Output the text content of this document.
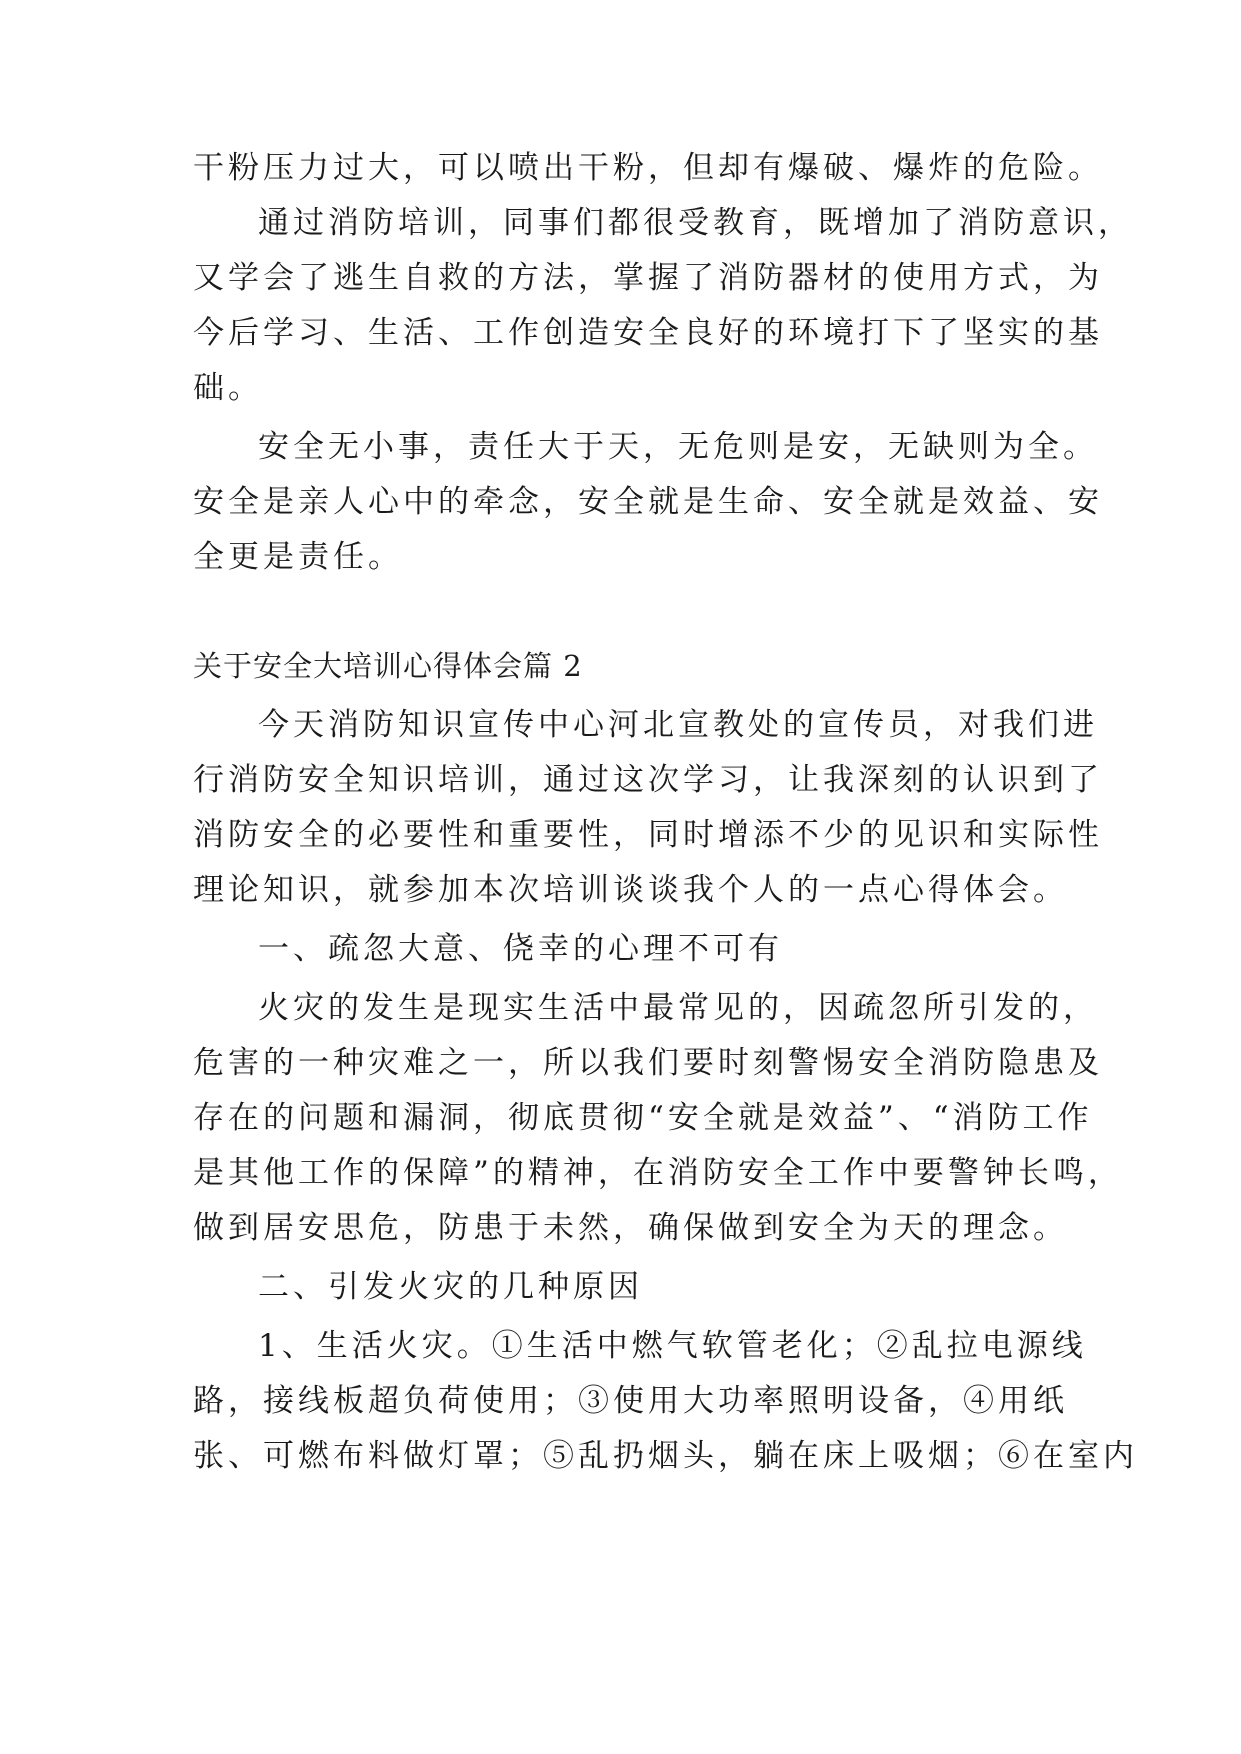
干粉压力过大，可以喷出干粉，但却有爆破、爆炸的危险。
通过消防培训，同事们都很受教育，既增加了消防意识，
又学会了逃生自救的方法，掌握了消防器材的使用方式，为
今后学习、生活、工作创造安全良好的环境打下了坚实的基
础。
安全无小事，责任大于天，无危则是安，无缺则为全。
安全是亲人心中的牵念，安全就是生命、安全就是效益、安
全更是责任。
关于安全大培训心得体会篇 2
今天消防知识宣传中心河北宣教处的宣传员，对我们进
行消防安全知识培训，通过这次学习，让我深刻的认识到了
消防安全的必要性和重要性，同时增添不少的见识和实际性
理论知识，就参加本次培训谈谈我个人的一点心得体会。
一、疏忽大意、侥幸的心理不可有
火灾的发生是现实生活中最常见的，因疏忽所引发的，
危害的一种灾难之一，所以我们要时刻警惕安全消防隐患及
存在的问题和漏洞，彻底贯彻“安全就是效益”、“消防工作
是其他工作的保障”的精神，在消防安全工作中要警钟长鸣，
做到居安思危，防患于未然，确保做到安全为天的理念。
二、引发火灾的几种原因
1、生活火灾。①生活中燃气软管老化；②乱拉电源线
路，接线板超负荷使用；③使用大功率照明设备，④用纸
张、可燃布料做灯罩；⑤乱扔烟头，躺在床上吸烟；⑥在室内
